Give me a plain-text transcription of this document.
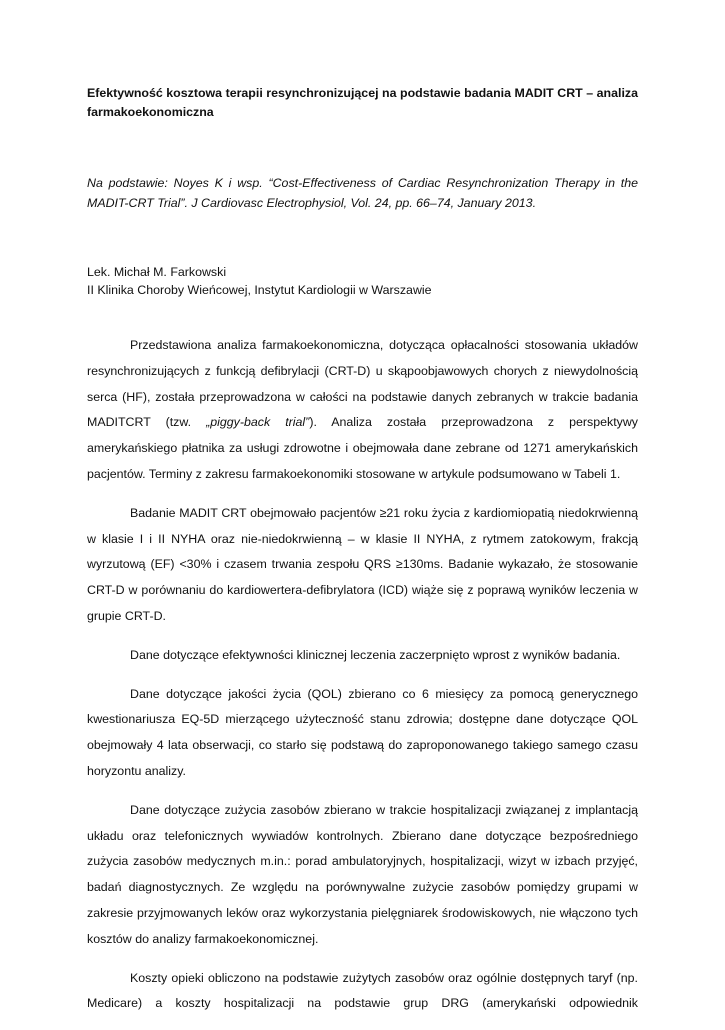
Efektywność kosztowa terapii resynchronizującej na podstawie badania MADIT CRT – analiza farmakoekonomiczna

Na podstawie: Noyes K i wsp. “Cost-Effectiveness of Cardiac Resynchronization Therapy in the MADIT-CRT Trial”. J Cardiovasc Electrophysiol, Vol. 24, pp. 66–74, January 2013.

Lek. Michał M. Farkowski
II Klinika Choroby Wieńcowej, Instytut Kardiologii w Warszawie

Przedstawiona analiza farmakoekonomiczna, dotycząca opłacalności stosowania układów resynchronizujących z funkcją defibrylacji (CRT-D) u skąpoobjawowych chorych z niewydolnością serca (HF), została przeprowadzona w całości na podstawie danych zebranych w trakcie badania MADITCRT (tzw. „piggy-back trial”). Analiza została przeprowadzona z perspektywy amerykańskiego płatnika za usługi zdrowotne i obejmowała dane zebrane od 1271 amerykańskich pacjentów. Terminy z zakresu farmakoekonomiki stosowane w artykule podsumowano w Tabeli 1.

Badanie MADIT CRT obejmowało pacjentów ≥21 roku życia z kardiomiopatią niedokrwienną w klasie I i II NYHA oraz nie-niedokrwienną – w klasie II NYHA, z rytmem zatokowym, frakcją wyrzutową (EF) <30% i czasem trwania zespołu QRS ≥130ms. Badanie wykazało, że stosowanie CRT-D w porównaniu do kardiowertera-defibrylatora (ICD) wiąże się z poprawą wyników leczenia w grupie CRT-D.

Dane dotyczące efektywności klinicznej leczenia zaczerpnięto wprost z wyników badania.

Dane dotyczące jakości życia (QOL) zbierano co 6 miesięcy za pomocą generycznego kwestionariusza EQ-5D mierzącego użyteczność stanu zdrowia; dostępne dane dotyczące QOL obejmowały 4 lata obserwacji, co starło się podstawą do zaproponowanego takiego samego czasu horyzontu analizy.

Dane dotyczące zużycia zasobów zbierano w trakcie hospitalizacji związanej z implantacją układu oraz telefonicznych wywiadów kontrolnych. Zbierano dane dotyczące bezpośredniego zużycia zasobów medycznych m.in.: porad ambulatoryjnych, hospitalizacji, wizyt w izbach przyjęć, badań diagnostycznych. Ze względu na porównywalne zużycie zasobów pomiędzy grupami w zakresie przyjmowanych leków oraz wykorzystania pielęgniarek środowiskowych, nie włączono tych kosztów do analizy farmakoekonomicznej.

Koszty opieki obliczono na podstawie zużytych zasobów oraz ogólnie dostępnych taryf (np. Medicare) a koszty hospitalizacji na podstawie grup DRG (amerykański odpowiednik
